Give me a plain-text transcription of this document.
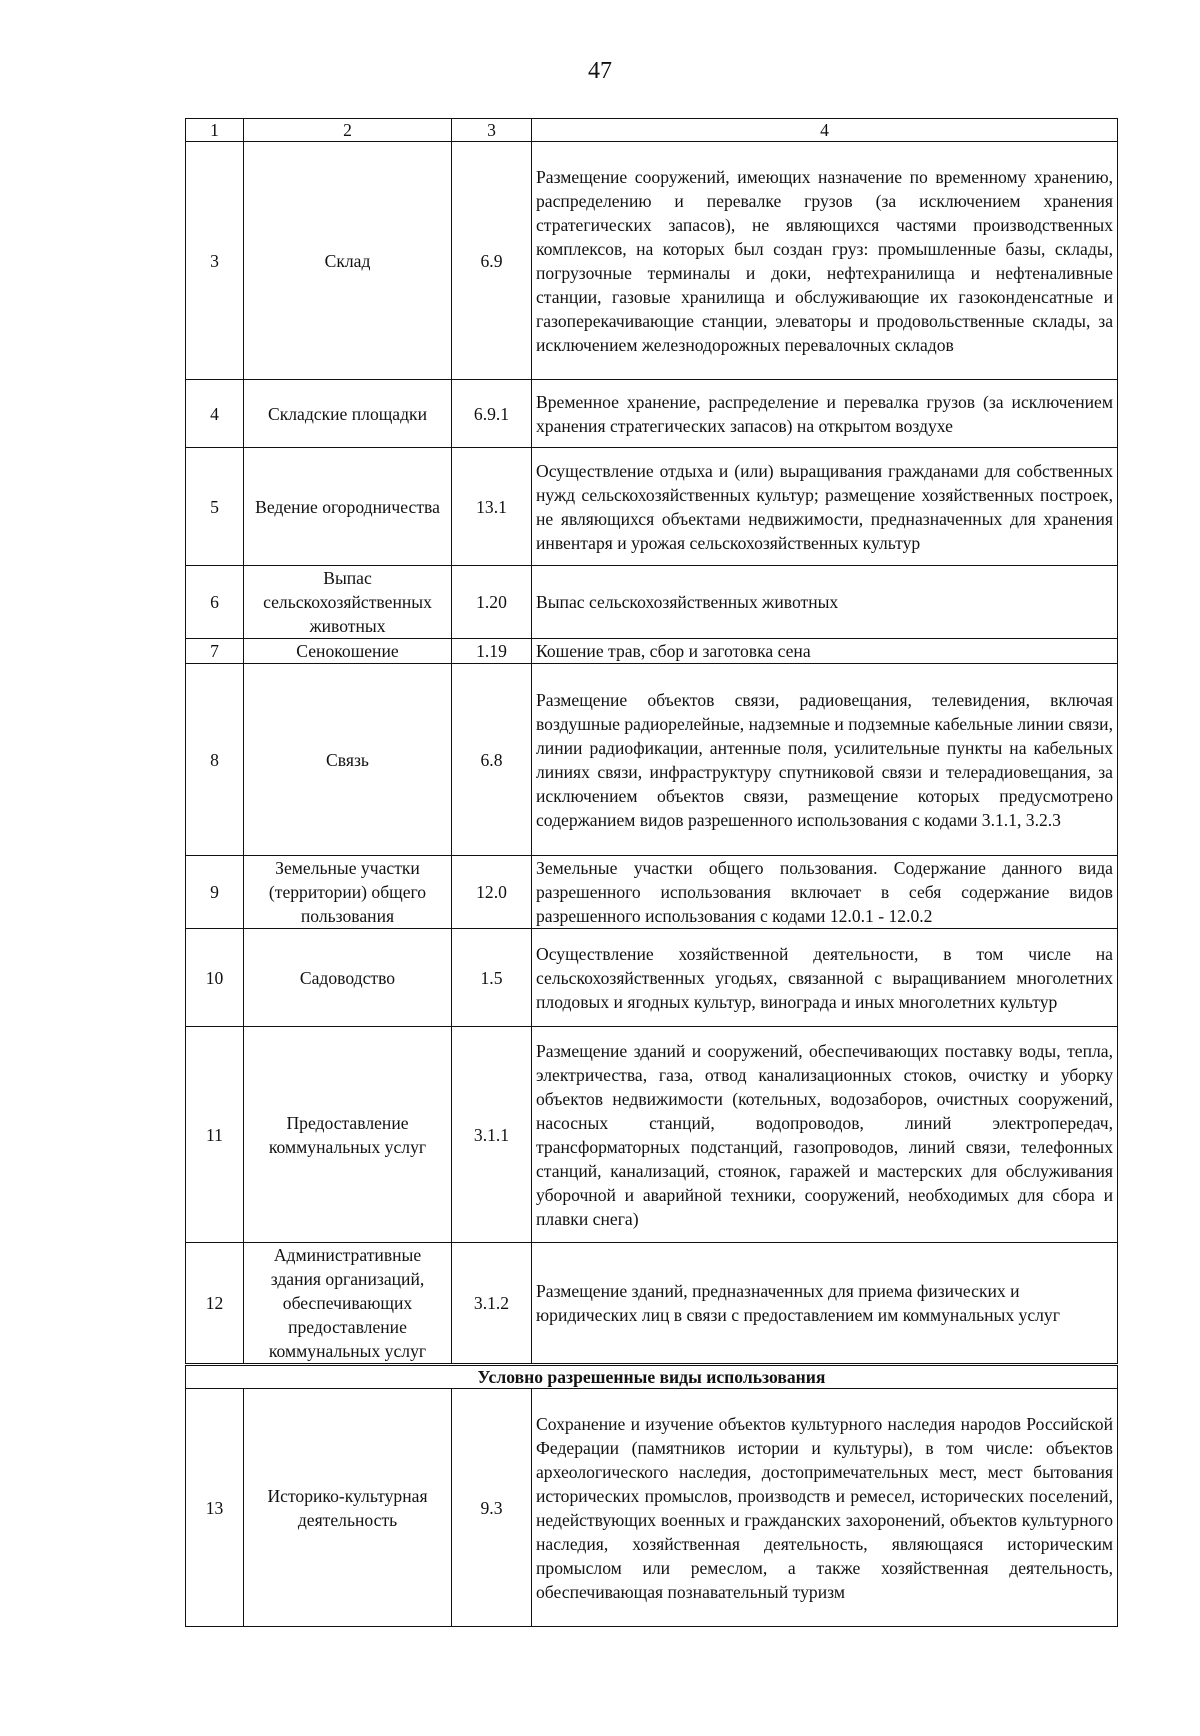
47
1	2	3	4
3	Склад	6.9	Размещение сооружений, имеющих назначение по временному хранению, распределению и перевалке грузов (за исключением хранения стратегических запасов), не являющихся частями производственных комплексов, на которых был создан груз: промышленные базы, склады, погрузочные терминалы и доки, нефтехранилища и нефтеналивные станции, газовые хранилища и обслуживающие их газоконденсатные и газоперекачивающие станции, элеваторы и продовольственные склады, за исключением железнодорожных перевалочных складов
4	Складские площадки	6.9.1	Временное хранение, распределение и перевалка грузов (за исключением хранения стратегических запасов) на открытом воздухе
5	Ведение огородничества	13.1	Осуществление отдыха и (или) выращивания гражданами для собственных нужд сельскохозяйственных культур; размещение хозяйственных построек, не являющихся объектами недвижимости, предназначенных для хранения инвентаря и урожая сельскохозяйственных культур
6	Выпас сельскохозяйственных животных	1.20	Выпас сельскохозяйственных животных
7	Сенокошение	1.19	Кошение трав, сбор и заготовка сена
8	Связь	6.8	Размещение объектов связи, радиовещания, телевидения, включая воздушные радиорелейные, надземные и подземные кабельные линии связи, линии радиофикации, антенные поля, усилительные пункты на кабельных линиях связи, инфраструктуру спутниковой связи и телерадиовещания, за исключением объектов связи, размещение которых предусмотрено содержанием видов разрешенного использования с кодами 3.1.1, 3.2.3
9	Земельные участки (территории) общего пользования	12.0	Земельные участки общего пользования. Содержание данного вида разрешенного использования включает в себя содержание видов разрешенного использования с кодами 12.0.1 - 12.0.2
10	Садоводство	1.5	Осуществление хозяйственной деятельности, в том числе на сельскохозяйственных угодьях, связанной с выращиванием многолетних плодовых и ягодных культур, винограда и иных многолетних культур
11	Предоставление коммунальных услуг	3.1.1	Размещение зданий и сооружений, обеспечивающих поставку воды, тепла, электричества, газа, отвод канализационных стоков, очистку и уборку объектов недвижимости (котельных, водозаборов, очистных сооружений, насосных станций, водопроводов, линий электропередач, трансформаторных подстанций, газопроводов, линий связи, телефонных станций, канализаций, стоянок, гаражей и мастерских для обслуживания уборочной и аварийной техники, сооружений, необходимых для сбора и плавки снега)
12	Административные здания организаций, обеспечивающих предоставление коммунальных услуг	3.1.2	Размещение зданий, предназначенных для приема физических и юридических лиц в связи с предоставлением им коммунальных услуг
Условно разрешенные виды использования			
13	Историко-культурная деятельность	9.3	Сохранение и изучение объектов культурного наследия народов Российской Федерации (памятников истории и культуры), в том числе: объектов археологического наследия, достопримечательных мест, мест бытования исторических промыслов, производств и ремесел, исторических поселений, недействующих военных и гражданских захоронений, объектов культурного наследия, хозяйственная деятельность, являющаяся историческим промыслом или ремеслом, а также хозяйственная деятельность, обеспечивающая познавательный туризм
